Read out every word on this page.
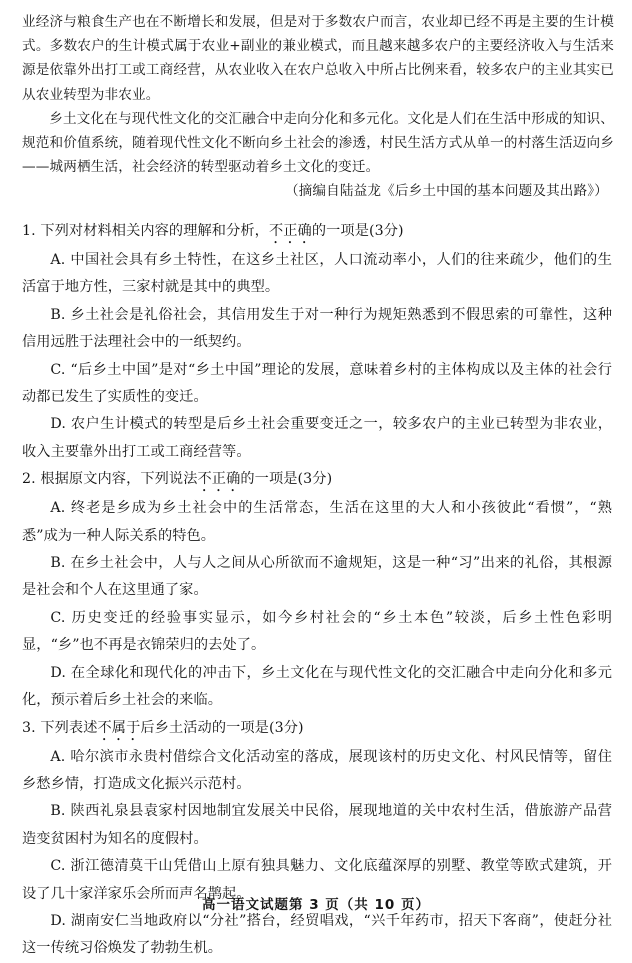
业经济与粮食生产也在不断增长和发展，但是对于多数农户而言，农业却已经不再是主要的生计模式。多数农户的生计模式属于农业+副业的兼业模式，而且越来越多农户的主要经济收入与生活来源是依靠外出打工或工商经营，从农业收入在农户总收入中所占比例来看，较多农户的主业其实已从农业转型为非农业。

乡土文化在与现代性文化的交汇融合中走向分化和多元化。文化是人们在生活中形成的知识、规范和价值系统，随着现代性文化不断向乡土社会的渗透，村民生活方式从单一的村落生活迈向乡——城两栖生活，社会经济的转型驱动着乡土文化的变迁。

（摘编自陆益龙《后乡土中国的基本问题及其出路》）

1. 下列对材料相关内容的理解和分析，不正确的一项是(3分)

A. 中国社会具有乡土特性，在这乡土社区，人口流动率小，人们的往来疏少，他们的生活富于地方性，三家村就是其中的典型。

B. 乡土社会是礼俗社会，其信用发生于对一种行为规矩熟悉到不假思索的可靠性，这种信用远胜于法理社会中的一纸契约。

C. “后乡土中国”是对“乡土中国”理论的发展，意味着乡村的主体构成以及主体的社会行动都已发生了实质性的变迁。

D. 农户生计模式的转型是后乡土社会重要变迁之一，较多农户的主业已转型为非农业，收入主要靠外出打工或工商经营等。

2. 根据原文内容，下列说法不正确的一项是(3分)

A. 终老是乡成为乡土社会中的生活常态，生活在这里的大人和小孩彼此“看惯”，“熟悉”成为一种人际关系的特色。

B. 在乡土社会中，人与人之间从心所欲而不逾规矩，这是一种“习”出来的礼俗，其根源是社会和个人在这里通了家。

C. 历史变迁的经验事实显示，如今乡村社会的“乡土本色”较淡，后乡土性色彩明显，“乡”也不再是衣锦荣归的去处了。

D. 在全球化和现代化的冲击下，乡土文化在与现代性文化的交汇融合中走向分化和多元化，预示着后乡土社会的来临。

3. 下列表述不属于后乡土活动的一项是(3分)

A. 哈尔滨市永贵村借综合文化活动室的落成，展现该村的历史文化、村风民情等，留住乡愁乡情，打造成文化振兴示范村。

B. 陕西礼泉县袁家村因地制宜发展关中民俗，展现地道的关中农村生活，借旅游产品营造变贫困村为知名的度假村。

C. 浙江德清莫干山凭借山上原有独具魅力、文化底蕴深厚的别墅、教堂等欧式建筑，开设了几十家洋家乐会所而声名鹊起。

D. 湖南安仁当地政府以“分社”搭台，经贸唱戏，“兴千年药市，招天下客商”，使赶分社这一传统习俗焕发了勃勃生机。

高一语文试题第 3 页（共 10 页）
